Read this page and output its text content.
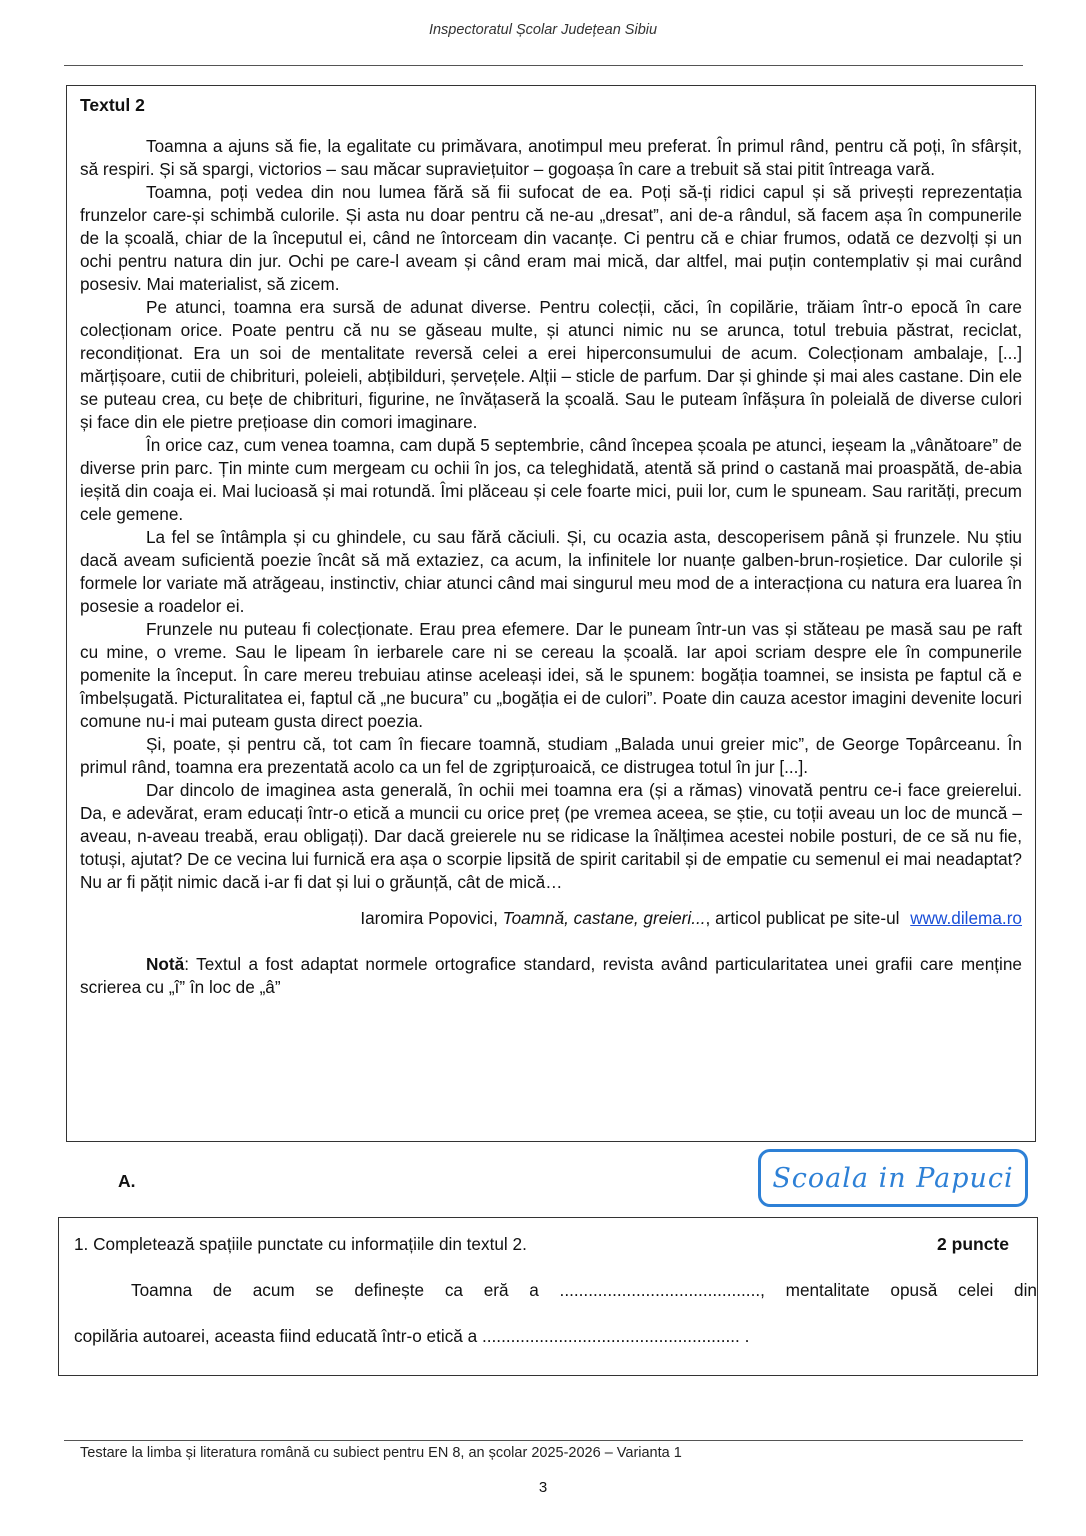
Inspectoratul Școlar Județean Sibiu
Textul 2

Toamna a ajuns să fie, la egalitate cu primăvara, anotimpul meu preferat. În primul rând, pentru că poți, în sfârșit, să respiri. Și să spargi, victorios – sau măcar supraviețuitor – gogoașa în care a trebuit să stai pitit întreaga vară.

Toamna, poți vedea din nou lumea fără să fii sufocat de ea. Poți să-ți ridici capul și să privești reprezentația frunzelor care-și schimbă culorile. Și asta nu doar pentru că ne-au „dresat”, ani de-a rândul, să facem așa în compunerile de la școală, chiar de la începutul ei, când ne întorceam din vacanțe. Ci pentru că e chiar frumos, odată ce dezvolți și un ochi pentru natura din jur. Ochi pe care-l aveam și când eram mai mică, dar altfel, mai puțin contemplativ și mai curând posesiv. Mai materialist, să zicem.

Pe atunci, toamna era sursă de adunat diverse. Pentru colecții, căci, în copilărie, trăiam într-o epocă în care colecționam orice. Poate pentru că nu se găseau multe, și atunci nimic nu se arunca, totul trebuia păstrat, reciclat, recondiționat. Era un soi de mentalitate reversă celei a erei hiperconsumului de acum. Colecționam ambalaje, [...] mărțișoare, cutii de chibrituri, poleieli, abțibilduri, șervețele. Alții – sticle de parfum. Dar și ghinde și mai ales castane. Din ele se puteau crea, cu bețe de chibrituri, figurine, ne învățaseră la școală. Sau le puteam înfășura în poleială de diverse culori și face din ele pietre prețioase din comori imaginare.

În orice caz, cum venea toamna, cam după 5 septembrie, când începea școala pe atunci, ieșeam la „vânătoare” de diverse prin parc. Țin minte cum mergeam cu ochii în jos, ca teleghidată, atentă să prind o castană mai proaspătă, de-abia ieșită din coaja ei. Mai lucioasă și mai rotundă. Îmi plăceau și cele foarte mici, puii lor, cum le spuneam. Sau rarități, precum cele gemene.

La fel se întâmpla și cu ghindele, cu sau fără căciuli. Și, cu ocazia asta, descoperisem până și frunzele. Nu știu dacă aveam suficientă poezie încât să mă extaziez, ca acum, la infinitele lor nuanțe galben-brun-roșietice. Dar culorile și formele lor variate mă atrăgeau, instinctiv, chiar atunci când mai singurul meu mod de a interacționa cu natura era luarea în posesie a roadelor ei.

Frunzele nu puteau fi colecționate. Erau prea efemere. Dar le puneam într-un vas și stăteau pe masă sau pe raft cu mine, o vreme. Sau le lipeam în ierbarele care ni se cereau la școală. Iar apoi scriam despre ele în compunerile pomenite la început. În care mereu trebuiau atinse aceleași idei, să le spunem: bogăția toamnei, se insista pe faptul că e îmbelșugată. Picturalitatea ei, faptul că „ne bucura” cu „bogăția ei de culori”. Poate din cauza acestor imagini devenite locuri comune nu-i mai puteam gusta direct poezia.

Și, poate, și pentru că, tot cam în fiecare toamnă, studiam „Balada unui greier mic”, de George Topârceanu. În primul rând, toamna era prezentată acolo ca un fel de zgripțuroaică, ce distrugea totul în jur [...].

Dar dincolo de imaginea asta generală, în ochii mei toamna era (și a rămas) vinovată pentru ce-i face greierelui. Da, e adevărat, eram educați într-o etică a muncii cu orice preț (pe vremea aceea, se știe, cu toții aveau un loc de muncă – aveau, n-aveau treabă, erau obligați). Dar dacă greierele nu se ridicase la înălțimea acestei nobile posturi, de ce să nu fie, totuși, ajutat? De ce vecina lui furnică era așa o scorpie lipsită de spirit caritabil și de empatie cu semenul ei mai neadaptat? Nu ar fi pățit nimic dacă i-ar fi dat și lui o grăunță, cât de mică…

Iaromira Popovici, Toamnă, castane, greieri..., articol publicat pe site-ul www.dilema.ro
Notă: Textul a fost adaptat normele ortografice standard, revista având particularitatea unei grafii care menține scrierea cu „î” în loc de „â”
A.	Scoala in Papuci
1. Completează spațiile punctate cu informațiile din textul 2.	2 puncte
Toamna de acum se definește ca eră a .........................................., mentalitate opusă celei din
copilăria autoarei, aceasta fiind educată într-o etică a ...................................................... .
Testare la limba și literatura română cu subiect pentru EN 8, an școlar 2025-2026 – Varianta 1
3
